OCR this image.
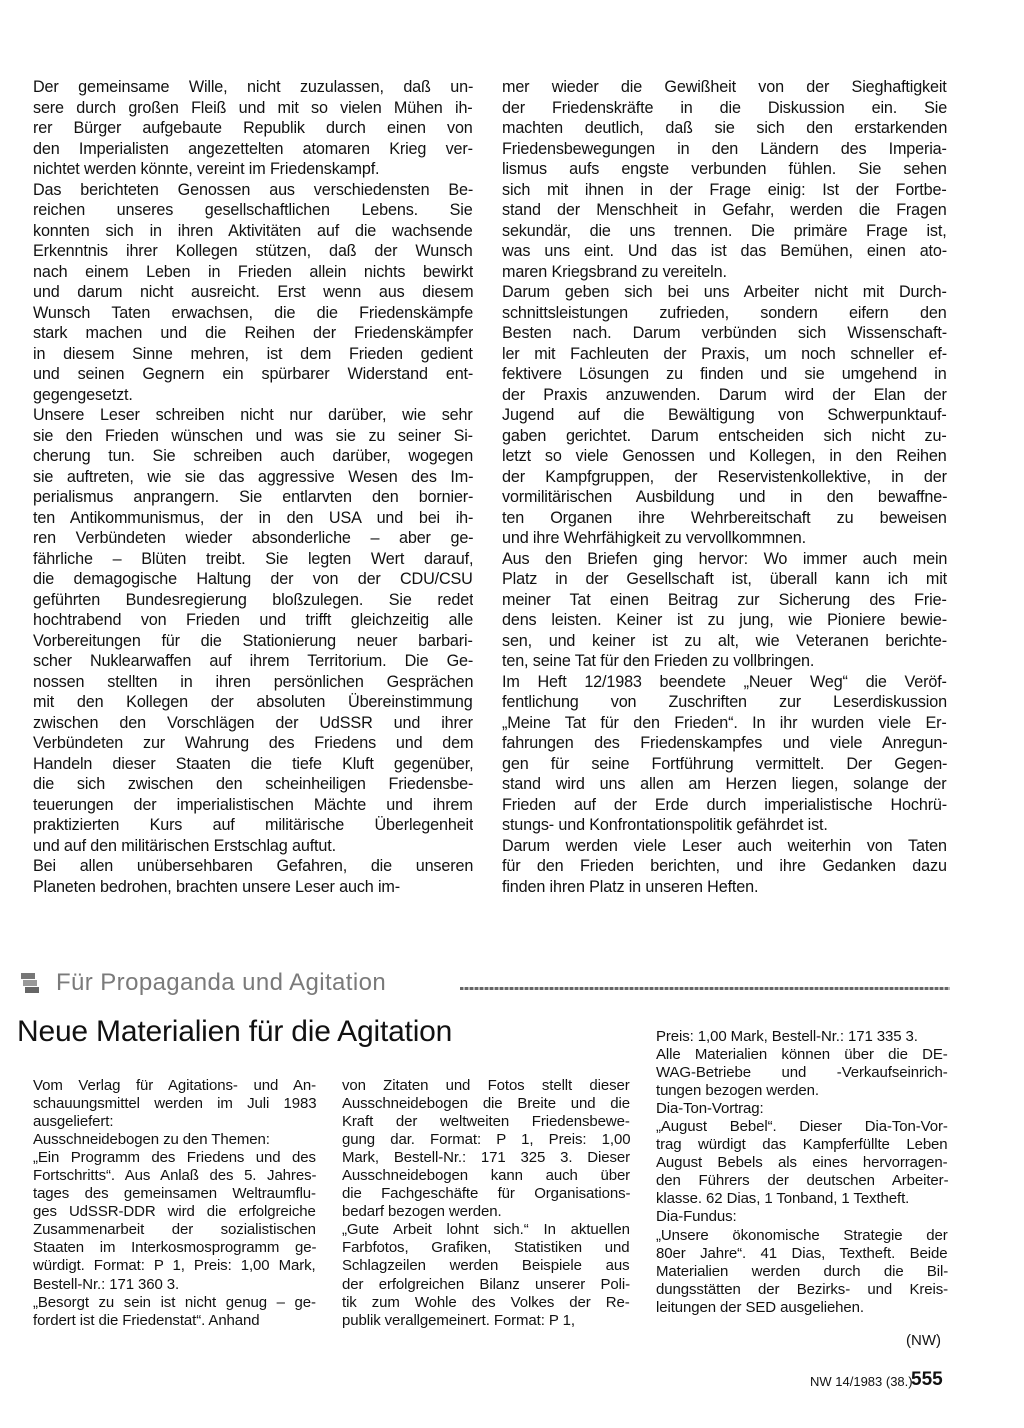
Der gemeinsame Wille, nicht zuzulassen, daß un-
sere durch großen Fleiß und mit so vielen Mühen ih-
rer Bürger aufgebaute Republik durch einen von
den Imperialisten angezettelten atomaren Krieg ver-
nichtet werden könnte, vereint im Friedenskampf.
Das berichteten Genossen aus verschiedensten Be-
reichen unseres gesellschaftlichen Lebens. Sie
konnten sich in ihren Aktivitäten auf die wachsende
Erkenntnis ihrer Kollegen stützen, daß der Wunsch
nach einem Leben in Frieden allein nichts bewirkt
und darum nicht ausreicht. Erst wenn aus diesem
Wunsch Taten erwachsen, die die Friedenskämpfe
stark machen und die Reihen der Friedenskämpfer
in diesem Sinne mehren, ist dem Frieden gedient
und seinen Gegnern ein spürbarer Widerstand ent-
gegengesetzt.
Unsere Leser schreiben nicht nur darüber, wie sehr
sie den Frieden wünschen und was sie zu seiner Si-
cherung tun. Sie schreiben auch darüber, wogegen
sie auftreten, wie sie das aggressive Wesen des Im-
perialismus anprangern. Sie entlarvten den bornier-
ten Antikommunismus, der in den USA und bei ih-
ren Verbündeten wieder absonderliche – aber ge-
fährliche – Blüten treibt. Sie legten Wert darauf,
die demagogische Haltung der von der CDU/CSU
geführten Bundesregierung bloßzulegen. Sie redet
hochtrabend von Frieden und trifft gleichzeitig alle
Vorbereitungen für die Stationierung neuer barbari-
scher Nuklearwaffen auf ihrem Territorium. Die Ge-
nossen stellten in ihren persönlichen Gesprächen
mit den Kollegen der absoluten Übereinstimmung
zwischen den Vorschlägen der UdSSR und ihrer
Verbündeten zur Wahrung des Friedens und dem
Handeln dieser Staaten die tiefe Kluft gegenüber,
die sich zwischen den scheinheiligen Friedensbe-
teuerungen der imperialistischen Mächte und ihrem
praktizierten Kurs auf militärische Überlegenheit
und auf den militärischen Erstschlag auftut.
Bei allen unübersehbaren Gefahren, die unseren
Planeten bedrohen, brachten unsere Leser auch im-
mer wieder die Gewißheit von der Sieghaftigkeit
der Friedenskräfte in die Diskussion ein. Sie
machten deutlich, daß sie sich den erstarkenden
Friedensbewegungen in den Ländern des Imperia-
lismus aufs engste verbunden fühlen. Sie sehen
sich mit ihnen in der Frage einig: Ist der Fortbe-
stand der Menschheit in Gefahr, werden die Fragen
sekundär, die uns trennen. Die primäre Frage ist,
was uns eint. Und das ist das Bemühen, einen ato-
maren Kriegsbrand zu vereiteln.
Darum geben sich bei uns Arbeiter nicht mit Durch-
schnittsleistungen zufrieden, sondern eifern den
Besten nach. Darum verbünden sich Wissenschaft-
ler mit Fachleuten der Praxis, um noch schneller ef-
fektivere Lösungen zu finden und sie umgehend in
der Praxis anzuwenden. Darum wird der Elan der
Jugend auf die Bewältigung von Schwerpunktauf-
gaben gerichtet. Darum entscheiden sich nicht zu-
letzt so viele Genossen und Kollegen, in den Reihen
der Kampfgruppen, der Reservistenkollektive, in der
vormilitärischen Ausbildung und in den bewaffne-
ten Organen ihre Wehrbereitschaft zu beweisen
und ihre Wehrfähigkeit zu vervollkommnen.
Aus den Briefen ging hervor: Wo immer auch mein
Platz in der Gesellschaft ist, überall kann ich mit
meiner Tat einen Beitrag zur Sicherung des Frie-
dens leisten. Keiner ist zu jung, wie Pioniere bewie-
sen, und keiner ist zu alt, wie Veteranen berichte-
ten, seine Tat für den Frieden zu vollbringen.
Im Heft 12/1983 beendete „Neuer Weg“ die Veröf-
fentlichung von Zuschriften zur Leserdiskussion
„Meine Tat für den Frieden“. In ihr wurden viele Er-
fahrungen des Friedenskampfes und viele Anregun-
gen für seine Fortführung vermittelt. Der Gegen-
stand wird uns allen am Herzen liegen, solange der
Frieden auf der Erde durch imperialistische Hochrü-
stungs- und Konfrontationspolitik gefährdet ist.
Darum werden viele Leser auch weiterhin von Taten
für den Frieden berichten, und ihre Gedanken dazu
finden ihren Platz in unseren Heften.
Für Propaganda und Agitation
Neue Materialien für die Agitation
Vom Verlag für Agitations- und An-
schauungsmittel werden im Juli 1983
ausgeliefert:
Ausschneidebogen zu den Themen:
„Ein Programm des Friedens und des
Fortschritts“. Aus Anlaß des 5. Jahres-
tages des gemeinsamen Weltraumflu-
ges UdSSR-DDR wird die erfolgreiche
Zusammenarbeit der sozialistischen
Staaten im Interkosmosprogramm ge-
würdigt. Format: P 1, Preis: 1,00 Mark,
Bestell-Nr.: 171 360 3.
„Besorgt zu sein ist nicht genug – ge-
fordert ist die Friedenstat“. Anhand
von Zitaten und Fotos stellt dieser
Ausschneidebogen die Breite und die
Kraft der weltweiten Friedensbewe-
gung dar. Format: P 1, Preis: 1,00
Mark, Bestell-Nr.: 171 325 3. Dieser
Ausschneidebogen kann auch über
die Fachgeschäfte für Organisations-
bedarf bezogen werden.
„Gute Arbeit lohnt sich.“ In aktuellen
Farbfotos, Grafiken, Statistiken und
Schlagzeilen werden Beispiele aus
der erfolgreichen Bilanz unserer Poli-
tik zum Wohle des Volkes der Re-
publik verallgemeinert. Format: P 1,
Preis: 1,00 Mark, Bestell-Nr.: 171 335 3.
Alle Materialien können über die DE-
WAG-Betriebe und -Verkaufseinrich-
tungen bezogen werden.
Dia-Ton-Vortrag:
„August Bebel“. Dieser Dia-Ton-Vor-
trag würdigt das Kampferfüllte Leben
August Bebels als eines hervorragen-
den Führers der deutschen Arbeiter-
klasse. 62 Dias, 1 Tonband, 1 Textheft.
Dia-Fundus:
„Unsere ökonomische Strategie der
80er Jahre“. 41 Dias, Textheft. Beide
Materialien werden durch die Bil-
dungsstätten der Bezirks- und Kreis-
leitungen der SED ausgeliehen.
(NW)
NW 14/1983 (38.)
555
